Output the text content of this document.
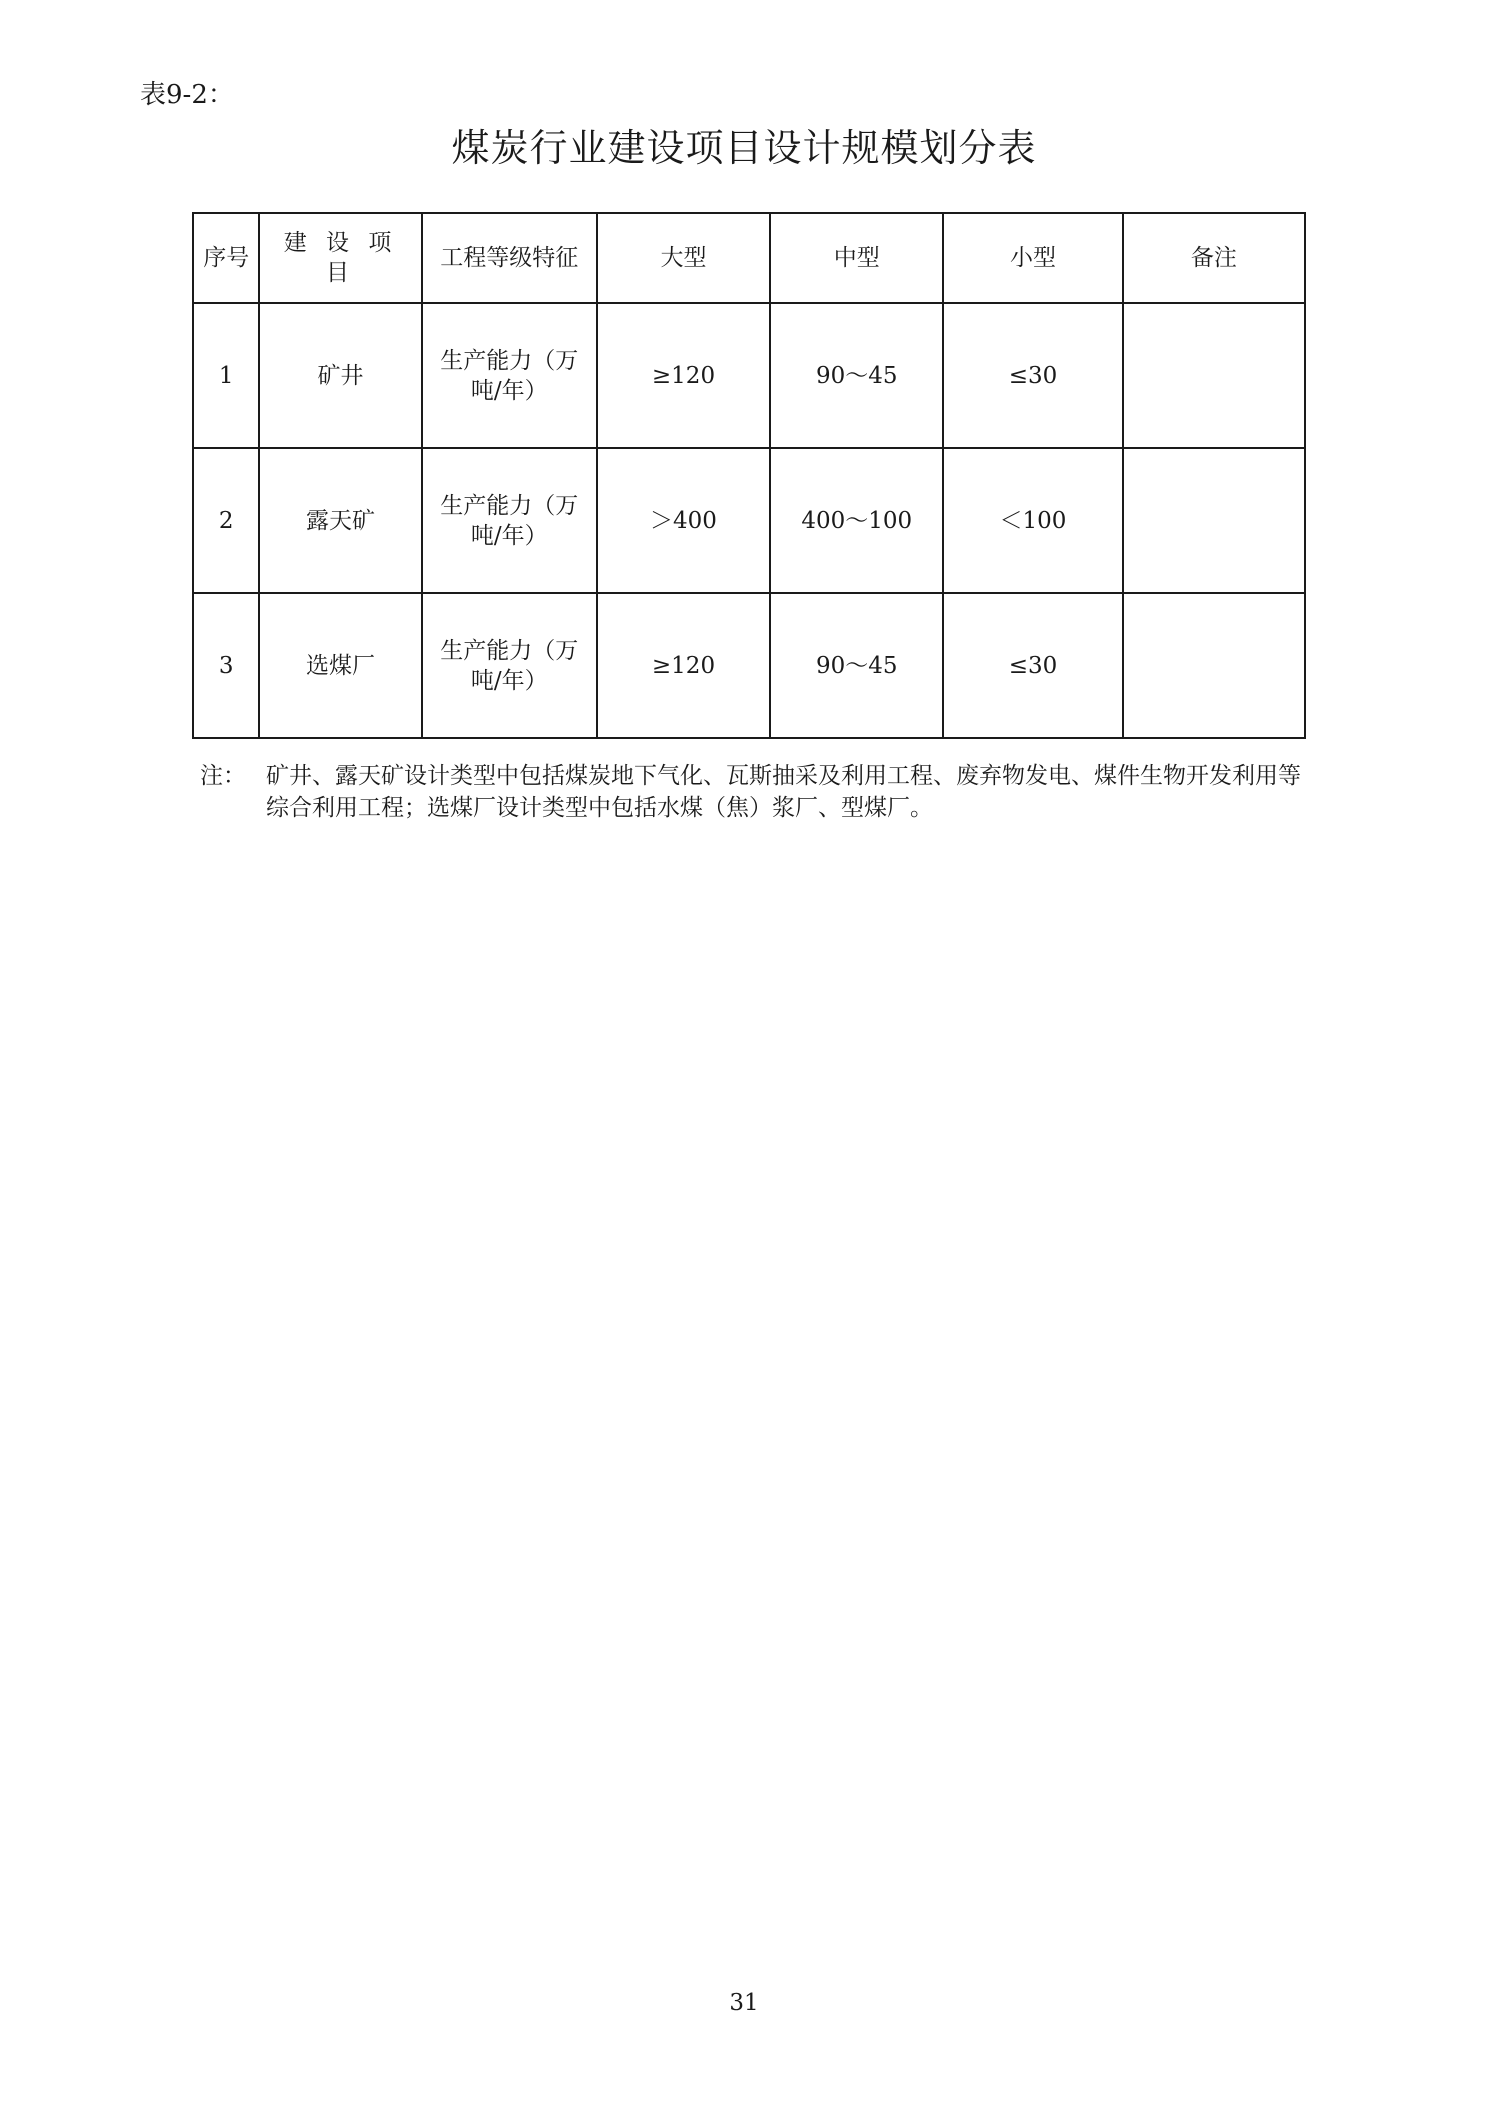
表9-2：
煤炭行业建设项目设计规模划分表
序号	建 设 项 目	工程等级特征	大型	中型	小型	备注
1	矿井	生产能力（万吨/年）	≥120	90～45	≤30	
2	露天矿	生产能力（万吨/年）	＞400	400～100	＜100	
3	选煤厂	生产能力（万吨/年）	≥120	90～45	≤30	
注： 矿井、露天矿设计类型中包括煤炭地下气化、瓦斯抽采及利用工程、废弃物发电、煤件生物开发利用等综合利用工程；选煤厂设计类型中包括水煤（焦）浆厂、型煤厂。
31
